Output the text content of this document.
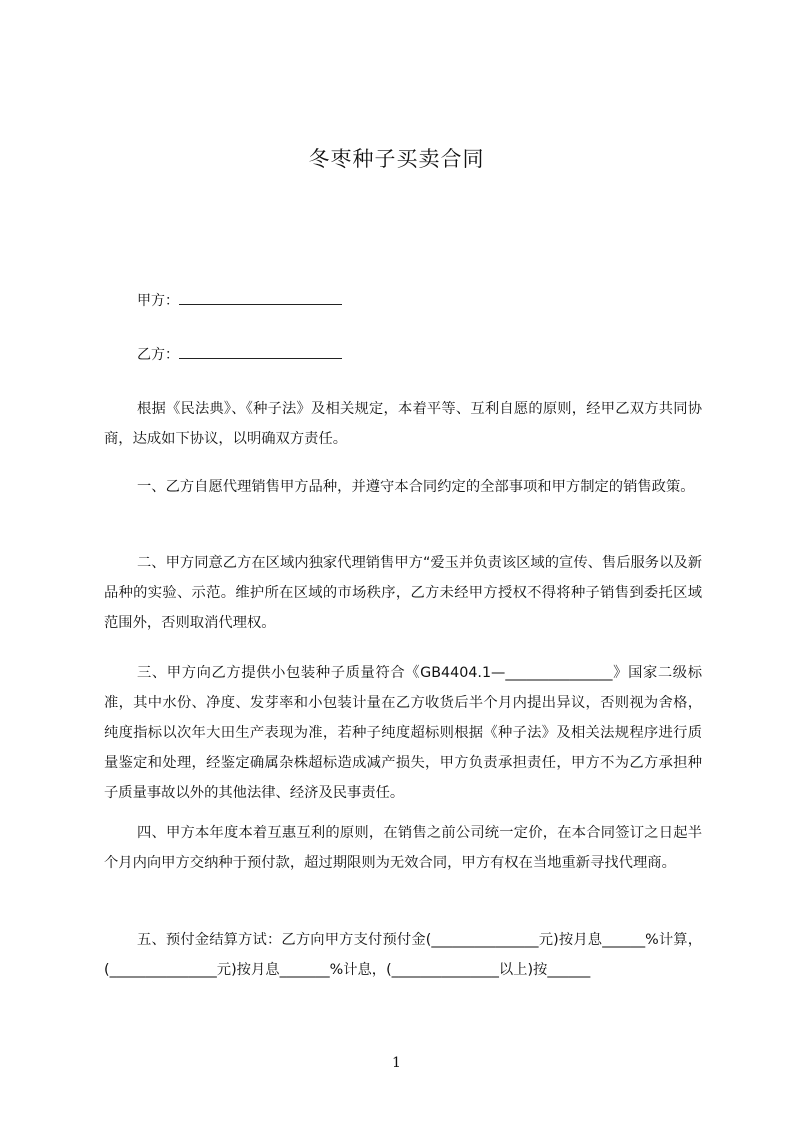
冬枣种子买卖合同
甲方：
乙方：

根据《民法典》、《种子法》及相关规定，本着平等、互利自愿的原则，经甲乙双方共同协商，达成如下协议，以明确双方责任。

一、乙方自愿代理销售甲方品种，并遵守本合同约定的全部事项和甲方制定的销售政策。

二、甲方同意乙方在区域内独家代理销售甲方“爱玉并负责该区域的宣传、售后服务以及新品种的实验、示范。维护所在区域的市场秩序，乙方未经甲方授权不得将种子销售到委托区域范围外，否则取消代理权。

三、甲方向乙方提供小包装种子质量符合《GB4404.1—_______________》国家二级标准，其中水份、净度、发芽率和小包装计量在乙方收货后半个月内提出异议，否则视为舍格，纯度指标以次年大田生产表现为准，若种子纯度超标则根据《种子法》及相关法规程序进行质量鉴定和处理，经鉴定确属杂株超标造成减产损失，甲方负责承担责任，甲方不为乙方承担种子质量事故以外的其他法律、经济及民事责任。

四、甲方本年度本着互惠互利的原则，在销售之前公司统一定价，在本合同签订之日起半个月内向甲方交纳种于预付款，超过期限则为无效合同，甲方有权在当地重新寻找代理商。

五、预付金结算方试：乙方向甲方支付预付金(_______________元)按月息______%计算，(_______________元)按月息_______%计息，(_______________以上)按______

1
